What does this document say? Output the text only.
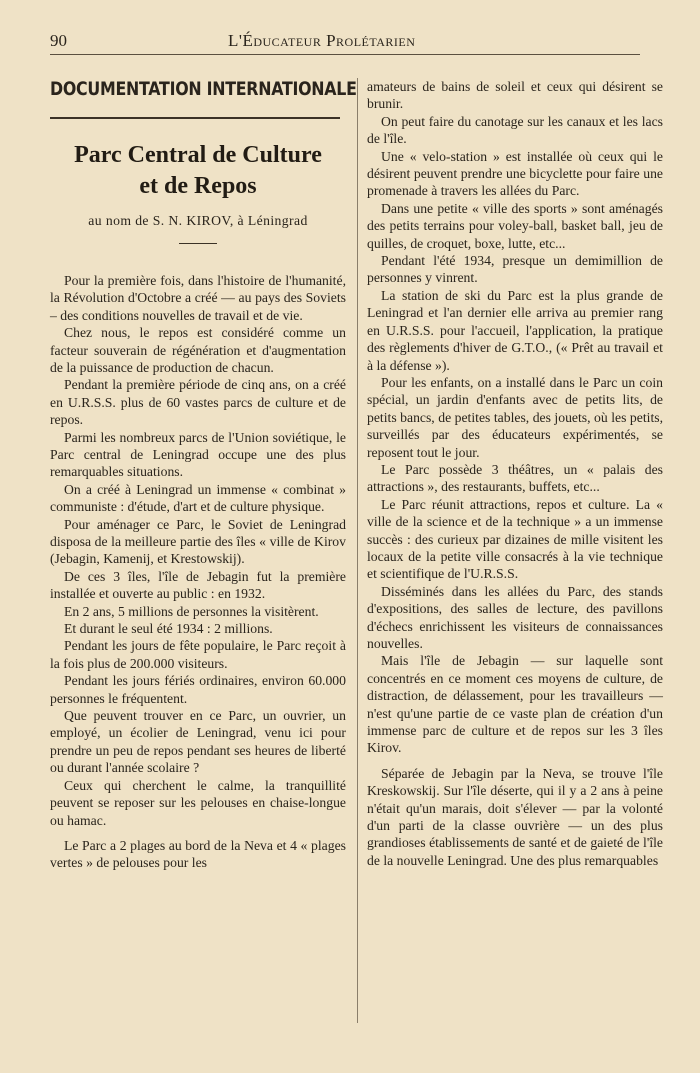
90	L'Éducateur Prolétarien
DOCUMENTATION INTERNATIONALE
Parc Central de Culture
et de Repos
au nom de S. N. KIROV, à Léningrad

Pour la première fois, dans l'histoire de l'humanité, la Révolution d'Octobre a créé — au pays des Soviets – des conditions nouvelles de travail et de vie.

Chez nous, le repos est considéré comme un facteur souverain de régénération et d'augmentation de la puissance de production de chacun.

Pendant la première période de cinq ans, on a créé en U.R.S.S. plus de 60 vastes parcs de culture et de repos.

Parmi les nombreux parcs de l'Union soviétique, le Parc central de Leningrad occupe une des plus remarquables situations.

On a créé à Leningrad un immense « combinat » communiste : d'étude, d'art et de culture physique.

Pour aménager ce Parc, le Soviet de Leningrad disposa de la meilleure partie des îles « ville de Kirov (Jebagin, Kamenij, et Krestowskij).

De ces 3 îles, l'île de Jebagin fut la première installée et ouverte au public : en 1932.

En 2 ans, 5 millions de personnes la visitèrent.

Et durant le seul été 1934 : 2 millions.

Pendant les jours de fête populaire, le Parc reçoit à la fois plus de 200.000 visiteurs.

Pendant les jours fériés ordinaires, environ 60.000 personnes le fréquentent.

Que peuvent trouver en ce Parc, un ouvrier, un employé, un écolier de Leningrad, venu ici pour prendre un peu de repos pendant ses heures de liberté ou durant l'année scolaire ?

Ceux qui cherchent le calme, la tranquillité peuvent se reposer sur les pelouses en chaise-longue ou hamac.

Le Parc a 2 plages au bord de la Neva et 4 « plages vertes » de pelouses pour les

amateurs de bains de soleil et ceux qui désirent se brunir.

On peut faire du canotage sur les canaux et les lacs de l'île.

Une « velo-station » est installée où ceux qui le désirent peuvent prendre une bicyclette pour faire une promenade à travers les allées du Parc.

Dans une petite « ville des sports » sont aménagés des petits terrains pour voley-ball, basket ball, jeu de quilles, de croquet, boxe, lutte, etc...

Pendant l'été 1934, presque un demimillion de personnes y vinrent.

La station de ski du Parc est la plus grande de Leningrad et l'an dernier elle arriva au premier rang en U.R.S.S. pour l'accueil, l'application, la pratique des règlements d'hiver de G.T.O., (« Prêt au travail et à la défense »).

Pour les enfants, on a installé dans le Parc un coin spécial, un jardin d'enfants avec de petits lits, de petits bancs, de petites tables, des jouets, où les petits, surveillés par des éducateurs expérimentés, se reposent tout le jour.

Le Parc possède 3 théâtres, un « palais des attractions », des restaurants, buffets, etc...

Le Parc réunit attractions, repos et culture. La « ville de la science et de la technique » a un immense succès : des curieux par dizaines de mille visitent les locaux de la petite ville consacrés à la vie technique et scientifique de l'U.R.S.S.

Disséminés dans les allées du Parc, des stands d'expositions, des salles de lecture, des pavillons d'échecs enrichissent les visiteurs de connaissances nouvelles.

Mais l'île de Jebagin — sur laquelle sont concentrés en ce moment ces moyens de culture, de distraction, de délassement, pour les travailleurs — n'est qu'une partie de ce vaste plan de création d'un immense parc de culture et de repos sur les 3 îles Kirov.

Séparée de Jebagin par la Neva, se trouve l'île Kreskowskij. Sur l'île déserte, qui il y a 2 ans à peine n'était qu'un marais, doit s'élever — par la volonté d'un parti de la classe ouvrière — un des plus grandioses établissements de santé et de gaieté de l'île de la nouvelle Leningrad. Une des plus remarquables
